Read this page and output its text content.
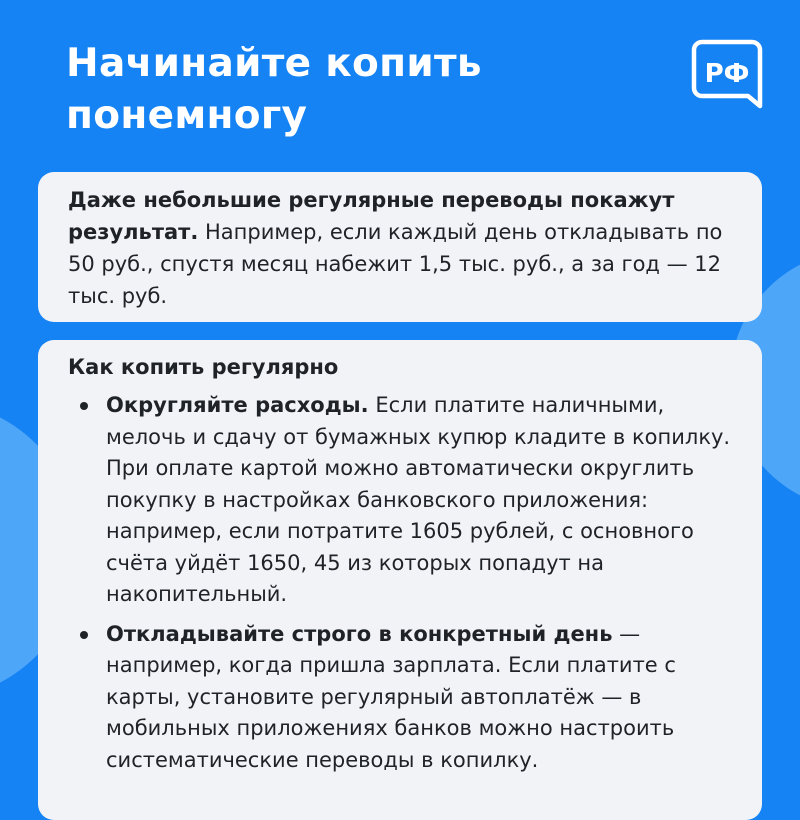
Начинайте копить понемногу
РФ

Даже небольшие регулярные переводы покажут результат. Например, если каждый день откладывать по 50 руб., спустя месяц набежит 1,5 тыс. руб., а за год — 12 тыс. руб.

Как копить регулярно
Округляйте расходы. Если платите наличными, мелочь и сдачу от бумажных купюр кладите в копилку. При оплате картой можно автоматически округлить покупку в настройках банковского приложения: например, если потратите 1605 рублей, с основного счёта уйдёт 1650, 45 из которых попадут на накопительный.
Откладывайте строго в конкретный день — например, когда пришла зарплата. Если платите с карты, установите регулярный автоплатёж — в мобильных приложениях банков можно настроить систематические переводы в копилку.
